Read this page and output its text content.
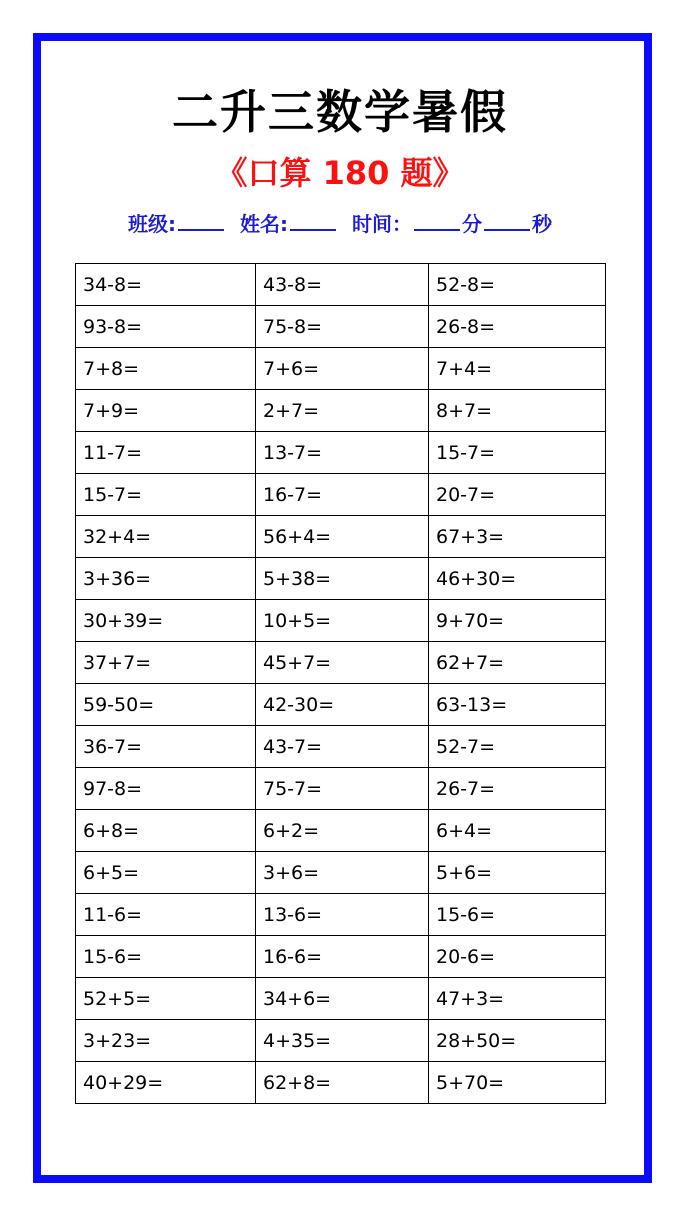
二升三数学暑假
《口算 180 题》
班级:	姓名:	时间：	分	秒
34-8=	43-8=	52-8=
93-8=	75-8=	26-8=
7+8=	7+6=	7+4=
7+9=	2+7=	8+7=
11-7=	13-7=	15-7=
15-7=	16-7=	20-7=
32+4=	56+4=	67+3=
3+36=	5+38=	46+30=
30+39=	10+5=	9+70=
37+7=	45+7=	62+7=
59-50=	42-30=	63-13=
36-7=	43-7=	52-7=
97-8=	75-7=	26-7=
6+8=	6+2=	6+4=
6+5=	3+6=	5+6=
11-6=	13-6=	15-6=
15-6=	16-6=	20-6=
52+5=	34+6=	47+3=
3+23=	4+35=	28+50=
40+29=	62+8=	5+70=
